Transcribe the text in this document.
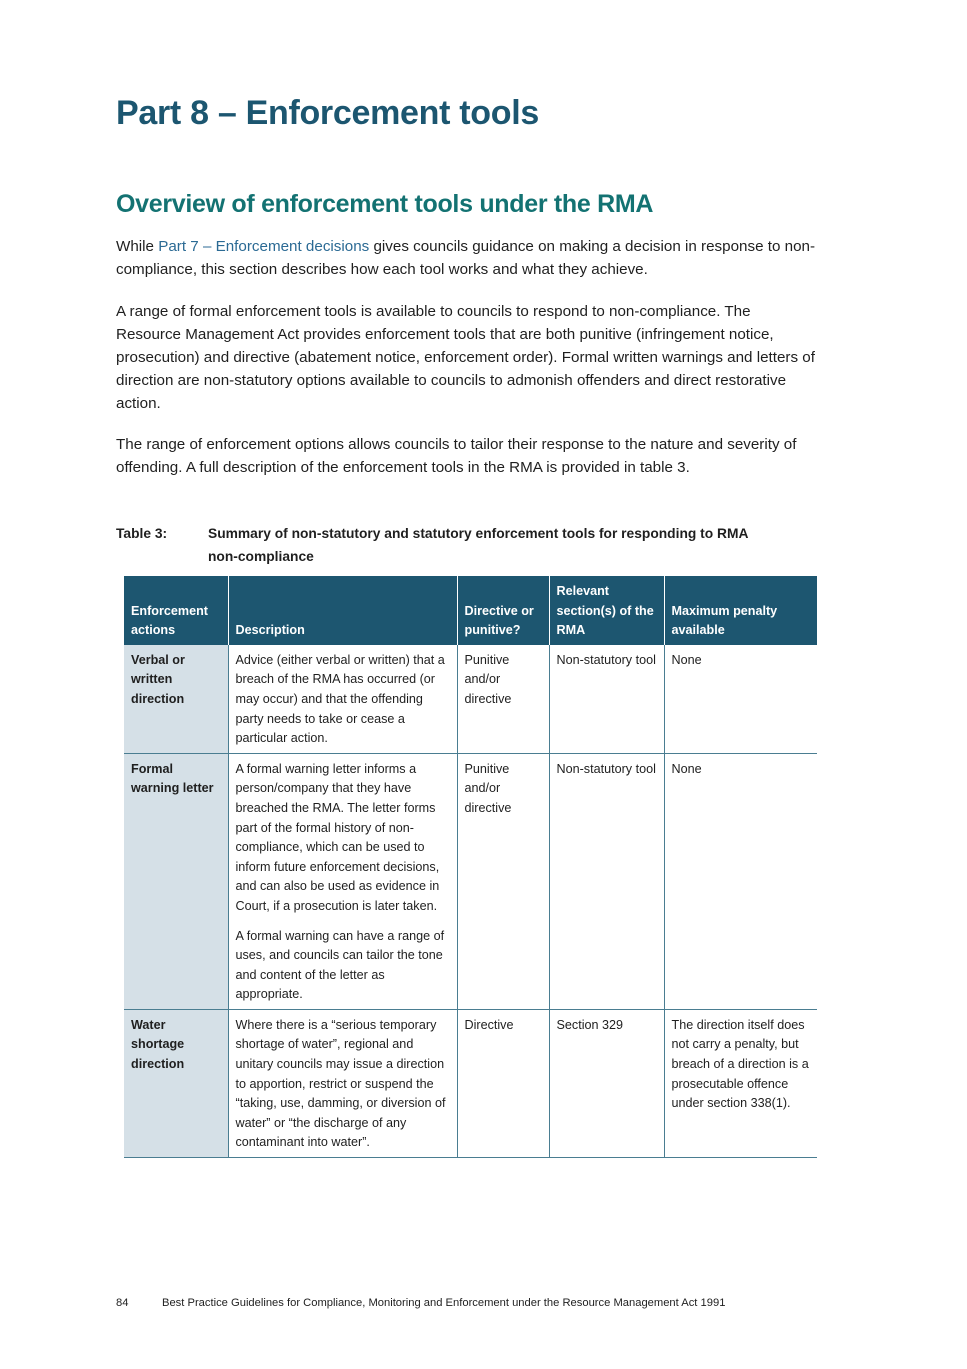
Part 8 – Enforcement tools
Overview of enforcement tools under the RMA

While Part 7 – Enforcement decisions gives councils guidance on making a decision in response to non-compliance, this section describes how each tool works and what they achieve.

A range of formal enforcement tools is available to councils to respond to non-compliance. The Resource Management Act provides enforcement tools that are both punitive (infringement notice, prosecution) and directive (abatement notice, enforcement order). Formal written warnings and letters of direction are non-statutory options available to councils to admonish offenders and direct restorative action.

The range of enforcement options allows councils to tailor their response to the nature and severity of offending. A full description of the enforcement tools in the RMA is provided in table 3.

Table 3:	Summary of non-statutory and statutory enforcement tools for responding to RMA non-compliance
Enforcement actions	Description	Directive or punitive?	Relevant section(s) of the RMA	Maximum penalty available
Verbal or written direction	Advice (either verbal or written) that a breach of the RMA has occurred (or may occur) and that the offending party needs to take or cease a particular action.	Punitive and/or directive	Non-statutory tool	None
Formal warning letter	A formal warning letter informs a person/company that they have breached the RMA. The letter forms part of the formal history of non-compliance, which can be used to inform future enforcement decisions, and can also be used as evidence in Court, if a prosecution is later taken.

A formal warning can have a range of uses, and councils can tailor the tone and content of the letter as appropriate.	Punitive and/or directive	Non-statutory tool	None
Water shortage direction	Where there is a “serious temporary shortage of water”, regional and unitary councils may issue a direction to apportion, restrict or suspend the “taking, use, damming, or diversion of water” or “the discharge of any contaminant into water”.	Directive	Section 329	The direction itself does not carry a penalty, but breach of a direction is a prosecutable offence under section 338(1).
84	Best Practice Guidelines for Compliance, Monitoring and Enforcement under the Resource Management Act 1991
